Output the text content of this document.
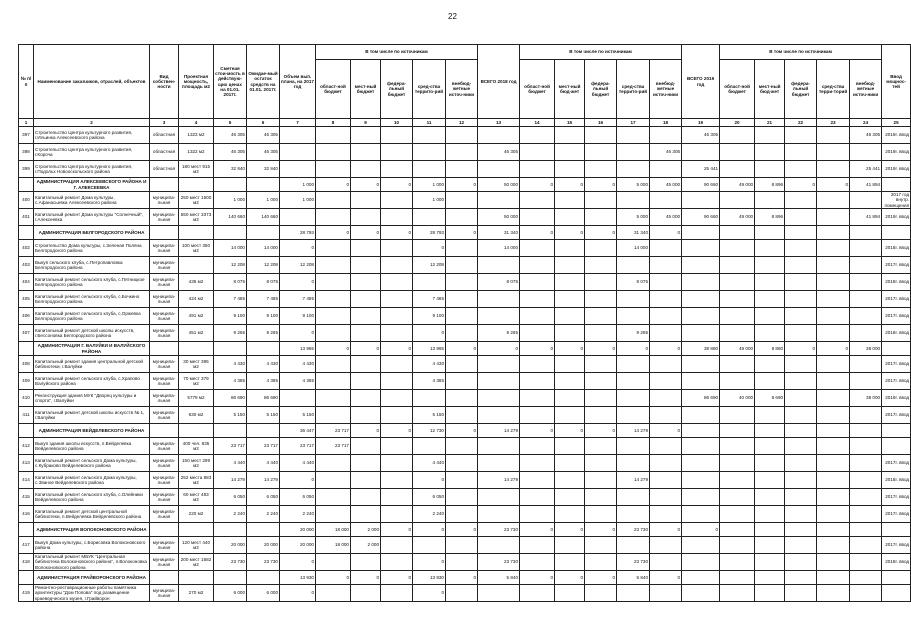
22
№ п/п	Наименование заказчиков, отраслей, объектов	Вид собствен-ности	Проектная мощность, площадь м2	Сметная стои-мость в действую-щих ценах на 01.01. 2017г.	Ожидае-мый остаток средств на 01.01. 2017г.	Объем вып. плана, на 2017 год	В том числе по источникам					ВСЕГО 2018 год	В том числе по источникам					ВСЕГО 2019 год	В том числе по источникам					Ввод мощнос-тей
							област-ной бюджет	мест-ный бюджет	федера-льный бюджет	сред-ства террито-рий	внебюд-жетные источ-ники		област-ной бюджет	мест-ный бюд-жет	федера-льный бюджет	сред-ства террито-рий	внебюд-жетные источ-ники		област-ной бюджет	мест-ный бюд-жет	федера-льный бюджет	сред-ства терри-торий	внебюд-жетные источ-ники	
1	2	3	4	5	6	7	8	9	10	11	12	13	14	15	16	17	18	19	20	21	22	23	24	25
397	Строительство Центра культурного развития, г.Ильинка Алексеевского района	областная	1323 м2	46 305	46 305													46 305					46 305	2019г. ввод
398	Строительство Центра культурного развития, г.Короча	областная	1322 м2	46 305	46 305							46 305					46 305							2019г. ввод
399	Строительство Центра культурного развития, г.Подольх Новооскольского района	областная	180 мест 915 м2	32 840	32 840													25 441					25 441	2019г. ввод
	АДМИНИСТРАЦИЯ АЛЕКСЕЕВСКОГО РАЙОНА И Г. АЛЕКСЕЕВКА					1 000	0	0	0	1 000	0	50 000	0	0	0	5 000	45 000	90 660	49 000	8 896	0	0	41 894	
400	Капитальный ремонт Дома культуры, с.Афанасьевка Алексеевского района	муниципа-льная	250 мест 1500 м2	1 000	1 000	1 000				1 000														2017 год внутр. помещения
401	Капитальный ремонт Дома культуры "Солнечный", г.Алексеевка	муниципа-льная	550 мест 3373 м2	140 660	140 660							50 000				5 000	45 000	90 660	49 000	8 896			41 894	2019г. ввод
	АДМИНИСТРАЦИЯ БЕЛГОРОДСКОГО РАЙОНА					28 793	0	0	0	28 793	0	31 340	0	0	0	31 340	0							
402	Строительство Дома культуры, с.Зеленая Поляна Белгородского района	муниципа-льная	100 мест 350 м2	14 000	14 000	0				0		14 000				14 000								2018г. ввод
403	Выкуп сельского клуба, с.Петропавловка Белгородского района	муниципа-льная		12 208	12 208	12 208				12 208														2017г. ввод
404	Капитальный ремонт сельского клуба, с.Пятницкое Белгородского района	муниципа-льная	435 м2	8 075	8 075	0						8 075				8 075								2018г. ввод
405	Капитальный ремонт сельского клуба, с.Бочкино Белгородского района	муниципа-льная	424 м2	7 485	7 485	7 485				7 485														2017г. ввод
406	Капитальный ремонт сельского клуба, с.Оржевка Белгородского района	муниципа-льная	491 м2	9 100	9 100	9 100				9 100														2017г. ввод
407	Капитальный ремонт детской школы искусств, г.Бессоновка Белгородского района	муниципа-льная	451 м2	9 265	9 265	0				0		9 265				9 265								2018г. ввод
	АДМИНИСТРАЦИЯ Г. ВАЛУЙКИ И ВАЛУЙСКОГО РАЙОНА					13 965	0	0	0	13 965	0	0	0	0	0	0	0	38 880	49 000	8 880	0	0	38 000	
408	Капитальный ремонт здания центральной детской библиотеки, г.Валуйки	муниципа-льная	30 мест 395 м2	4 430	4 430	4 430				4 430														2017г. ввод
409	Капитальный ремонт сельского клуба, с.Храпово Валуйского района	муниципа-льная	70 мест 379 м2	4 385	4 385	4 385				4 385														2017г. ввод
410	Реконструкция здания МУК "Дворец культуры и спорта", г.Валуйки	муниципа-льная	5779 м2	86 690	86 690													86 690	40 000	8 690			38 000	2019г. ввод
411	Капитальный ремонт детской школы искусств № 1, г.Валуйки	муниципа-льная	630 м2	5 150	5 150	5 150				5 150														2017г. ввод
	АДМИНИСТРАЦИЯ ВЕЙДЕЛЕВСКОГО РАЙОНА					36 447	23 717	0	0	12 730	0	14 279	0	0	0	14 279	0							
412	Выкуп здания школы искусств, п.Вейделевка Вейделевского района	муниципа-льная	400 чел. 835 м2	23 717	23 717	23 717	23 717																	
413	Капитальный ремонт сельского Дома культуры, с.Кубраково Вейделевского района	муниципа-льная	150 мест 299 м2	4 440	4 440	4 440				4 440														2017г. ввод
414	Капитальный ремонт сельского Дома культуры, с.Званое Вейделевского района	муниципа-льная	252 места 883 м2	14 279	14 279	0				0		14 279				14 279								2018г. ввод
415	Капитальный ремонт сельского клуба, с.Олейники Вейделевского района	муниципа-льная	60 мест 483 м2	6 050	6 050	6 050				6 050														2017г. ввод
416	Капитальный ремонт детской центральной библиотеки, п.Вейделевка Вейделевского района	муниципа-льная	220 м2	2 240	2 240	2 240				2 240														2017г. ввод
	АДМИНИСТРАЦИЯ ВОЛОКОНОВСКОГО РАЙОНА					20 000	18 000	2 000	0	0	0	23 730	0	0	0	23 730	0	0						
417	Выкуп Дома культуры, с.Борисовка Волоконовского района	муниципа-льная	120 мест 440 м2	20 000	20 000	20 000	18 000	2 000																2017г. ввод
418	Капитальный ремонт МБУК "Центральная библиотека Волоконовского района", п.Волоконовка Волоконовского района	муниципа-льная	200 мест 1682 м2	23 730	23 730	0				0		23 730				23 730								2018г. ввод
	АДМИНИСТРАЦИЯ ГРАЙВОРОНСКОГО РАЙОНА					13 930	0	0	0	13 930	0	5 840	0	0	0	5 840	0							
419	Ремонтно-реставрационные работы памятника архитектуры "Дом Попова" под размещение краеведческого музея, г.Грайворон	муниципа-льная	270 м2	6 000	6 000	0				0														
